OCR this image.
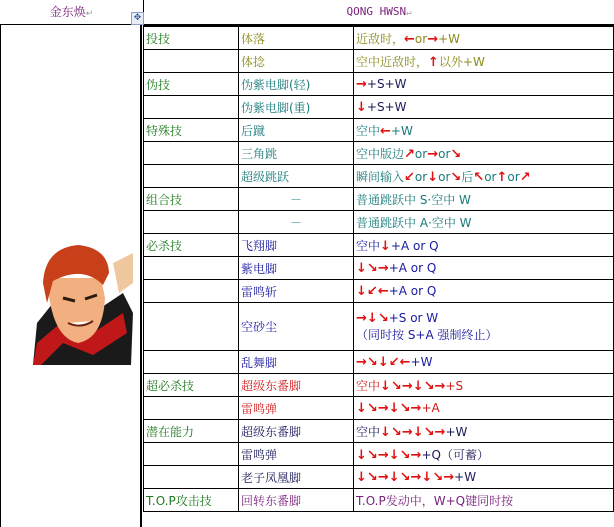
金东焕↵	✥	QONG HWSN↵
投技	体落	近敌时，←or→+W
	体捻	空中近敌时，↑以外+W
伪技	伪紫电脚(轻)	→+S+W
	伪紫电脚(重)	↓+S+W
特殊技	后蹴	空中←+W
	三角跳	空中版边↗or→or↘
	超级跳跃	瞬间输入↙or↓or↘后↖or↑or↗
组合技	－	普通跳跃中 S·空中 W
	－	普通跳跃中 A·空中 W
必杀技	飞翔脚	空中↓+A or Q
	紫电脚	↓↘→+A or Q
	雷鸣斩	↓↙←+A or Q
	空砂尘	→↓↘+S or W
（同时按 S+A 强制终止）
	乱舞脚	→↘↓↙←+W
超必杀技	超级东番脚	空中↓↘→↓↘→+S
	雷鸣弹	↓↘→↓↘→+A
潜在能力	超级东番脚	空中↓↘→↓↘→+W
	雷鸣弹	↓↘→↓↘→+Q（可蓄）
	老子凤凰脚	↓↘→↓↘→↓↘→+W
T.O.P攻击技	回转东番脚	T.O.P发动中，W+Q键同时按
